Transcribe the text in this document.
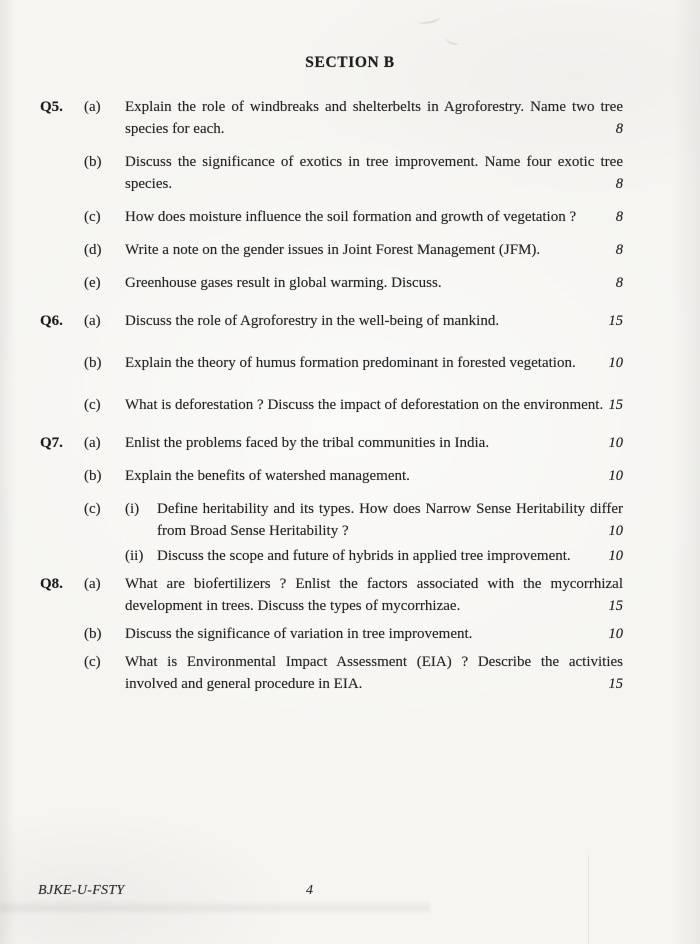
SECTION B
Q5.	(a)	Explain the role of windbreaks and shelterbelts in Agroforestry. Name two tree species for each.	8
(b)	Discuss the significance of exotics in tree improvement. Name four exotic tree species.	8
(c)	How does moisture influence the soil formation and growth of vegetation ?	8
(d)	Write a note on the gender issues in Joint Forest Management (JFM).	8
(e)	Greenhouse gases result in global warming. Discuss.	8
Q6.	(a)	Discuss the role of Agroforestry in the well-being of mankind.	15
(b)	Explain the theory of humus formation predominant in forested vegetation.	10
(c)	What is deforestation ? Discuss the impact of deforestation on the environment. 15
Q7.	(a)	Enlist the problems faced by the tribal communities in India.	10
(b)	Explain the benefits of watershed management.	10
(c)	(i)	Define heritability and its types. How does Narrow Sense Heritability differ from Broad Sense Heritability ?	10
(ii) Discuss the scope and future of hybrids in applied tree improvement.	10
Q8.	(a)	What are biofertilizers ? Enlist the factors associated with the mycorrhizal development in trees. Discuss the types of mycorrhizae.	15
(b)	Discuss the significance of variation in tree improvement.	10
(c)	What is Environmental Impact Assessment (EIA) ? Describe the activities involved and general procedure in EIA.	15
BJKE-U-FSTY	4
